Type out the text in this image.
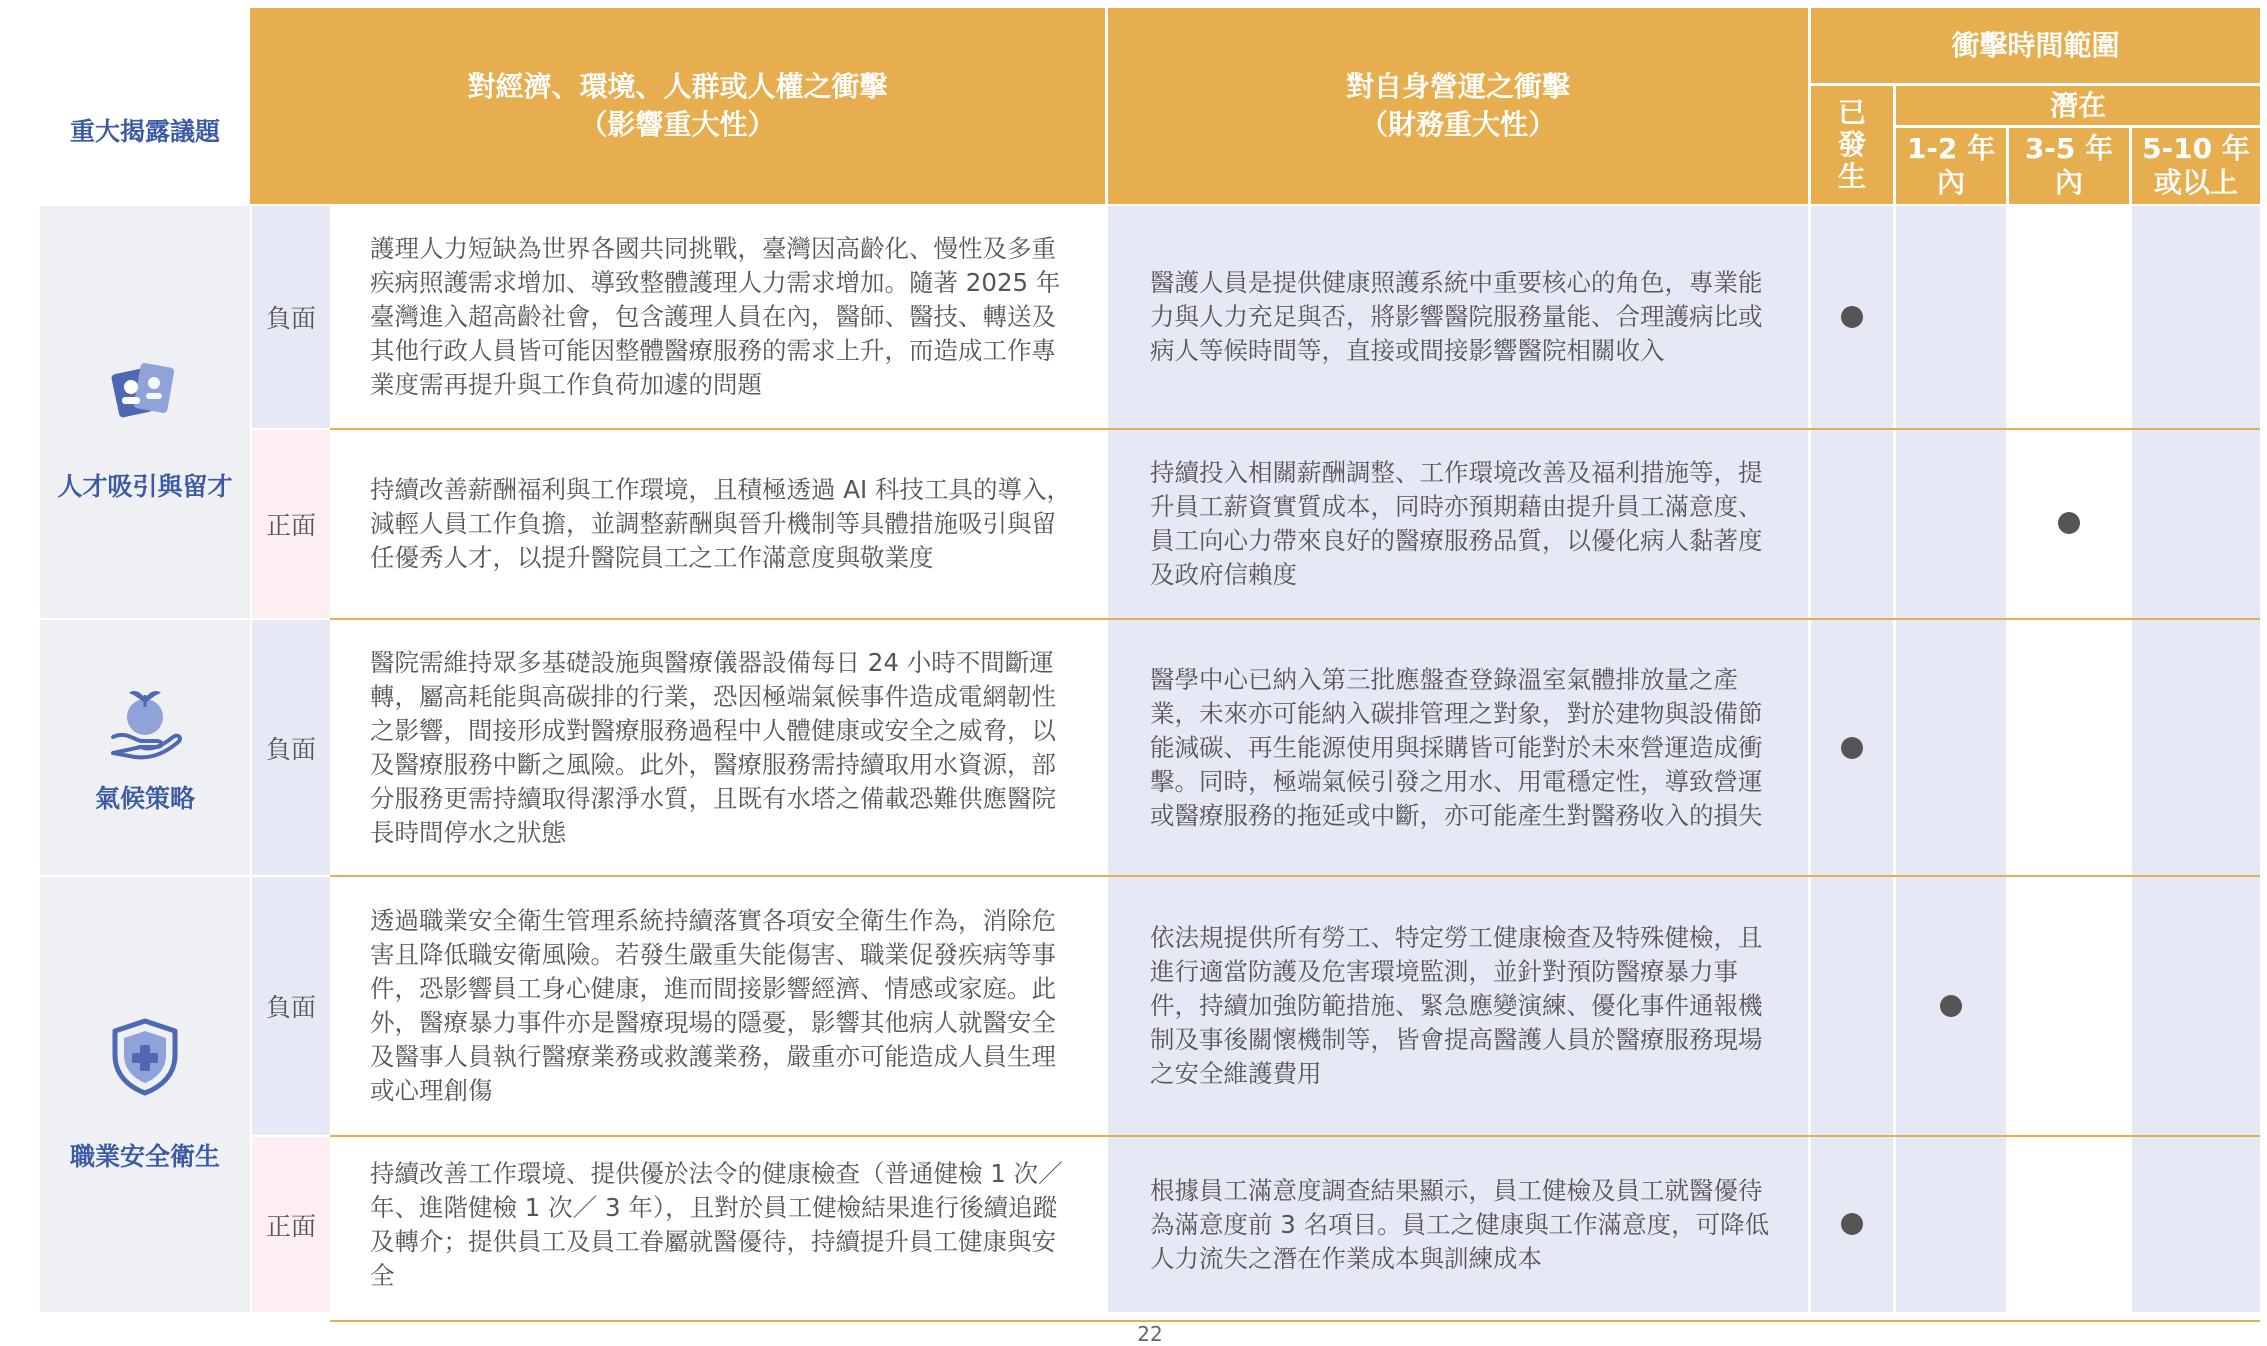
重大揭露議題
對經濟、環境、人群或人權之衝擊
（影響重大性）
對自身營運之衝擊
（財務重大性）
衝擊時間範圍
已
發
生
潛在
1-2 年
內
3-5 年
內
5-10 年
或以上
人才吸引與留才
氣候策略
職業安全衛生
負面
正面
負面
負面
正面
護理人力短缺為世界各國共同挑戰，臺灣因高齡化、慢性及多重疾病照護需求增加、導致整體護理人力需求增加。隨著 2025 年臺灣進入超高齡社會，包含護理人員在內，醫師、醫技、轉送及其他行政人員皆可能因整體醫療服務的需求上升，而造成工作專業度需再提升與工作負荷加遽的問題
持續改善薪酬福利與工作環境，且積極透過 AI 科技工具的導入，減輕人員工作負擔，並調整薪酬與晉升機制等具體措施吸引與留任優秀人才，以提升醫院員工之工作滿意度與敬業度
醫院需維持眾多基礎設施與醫療儀器設備每日 24 小時不間斷運轉，屬高耗能與高碳排的行業，恐因極端氣候事件造成電網韌性之影響，間接形成對醫療服務過程中人體健康或安全之威脅，以及醫療服務中斷之風險。此外，醫療服務需持續取用水資源，部分服務更需持續取得潔淨水質，且既有水塔之備載恐難供應醫院長時間停水之狀態
透過職業安全衛生管理系統持續落實各項安全衛生作為，消除危害且降低職安衛風險。若發生嚴重失能傷害、職業促發疾病等事件，恐影響員工身心健康，進而間接影響經濟、情感或家庭。此外，醫療暴力事件亦是醫療現場的隱憂，影響其他病人就醫安全及醫事人員執行醫療業務或救護業務，嚴重亦可能造成人員生理或心理創傷
持續改善工作環境、提供優於法令的健康檢查（普通健檢 1 次／年、進階健檢 1 次／ 3 年），且對於員工健檢結果進行後續追蹤及轉介；提供員工及員工眷屬就醫優待，持續提升員工健康與安全
醫護人員是提供健康照護系統中重要核心的角色，專業能力與人力充足與否，將影響醫院服務量能、合理護病比或病人等候時間等，直接或間接影響醫院相關收入
持續投入相關薪酬調整、工作環境改善及福利措施等，提升員工薪資實質成本，同時亦預期藉由提升員工滿意度、員工向心力帶來良好的醫療服務品質，以優化病人黏著度及政府信賴度
醫學中心已納入第三批應盤查登錄溫室氣體排放量之產業，未來亦可能納入碳排管理之對象，對於建物與設備節能減碳、再生能源使用與採購皆可能對於未來營運造成衝擊。同時，極端氣候引發之用水、用電穩定性，導致營運或醫療服務的拖延或中斷，亦可能產生對醫務收入的損失
依法規提供所有勞工、特定勞工健康檢查及特殊健檢，且進行適當防護及危害環境監測，並針對預防醫療暴力事件，持續加強防範措施、緊急應變演練、優化事件通報機制及事後關懷機制等，皆會提高醫護人員於醫療服務現場之安全維護費用
根據員工滿意度調查結果顯示，員工健檢及員工就醫優待為滿意度前 3 名項目。員工之健康與工作滿意度，可降低人力流失之潛在作業成本與訓練成本
22
